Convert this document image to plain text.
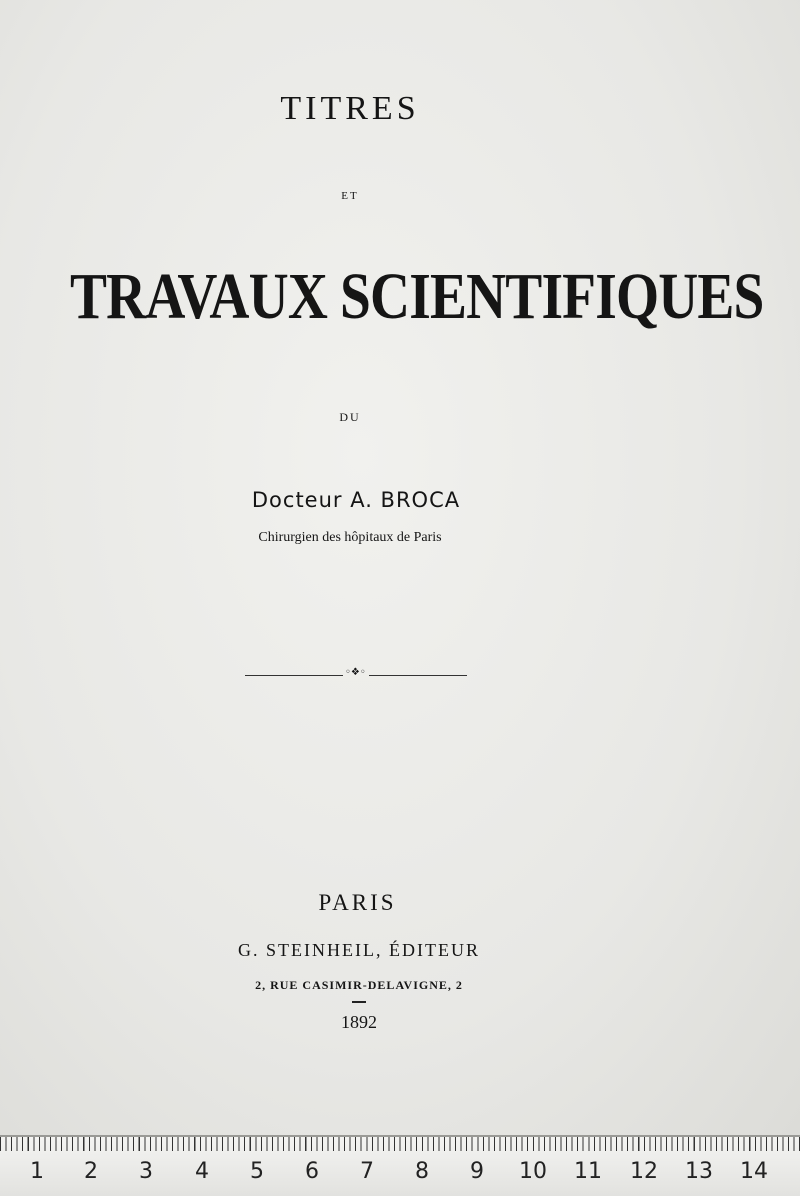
TITRES
ET
TRAVAUX SCIENTIFIQUES
DU
Docteur A. BROCA
Chirurgien des hôpitaux de Paris
◦❖◦
PARIS
G. STEINHEIL, ÉDITEUR
2, RUE CASIMIR-DELAVIGNE, 2
1892
1	2	3	4	5	6	7	8	9	10 11 12 13 14
